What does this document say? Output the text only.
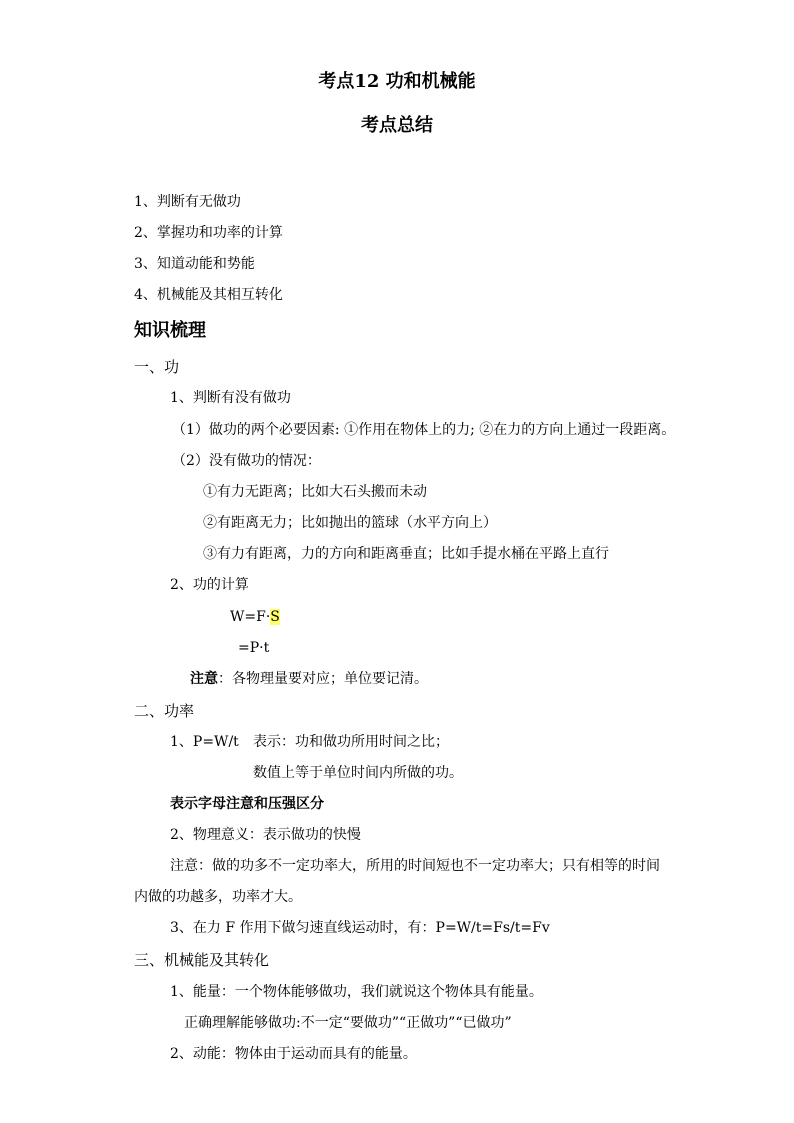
考点12 功和机械能
考点总结
1、判断有无做功
2、掌握功和功率的计算
3、知道动能和势能
4、机械能及其相互转化
知识梳理
一、功
1、判断有没有做功
（1）做功的两个必要因素: ①作用在物体上的力; ②在力的方向上通过一段距离。
（2）没有做功的情况：
①有力无距离；比如大石头搬而未动
②有距离无力；比如抛出的篮球（水平方向上）
③有力有距离，力的方向和距离垂直；比如手提水桶在平路上直行
2、功的计算
W=F·S
=P·t
注意：各物理量要对应；单位要记清。
二、功率
1、P=W/t 表示：功和做功所用时间之比；
数值上等于单位时间内所做的功。
表示字母注意和压强区分
2、物理意义：表示做功的快慢
注意：做的功多不一定功率大，所用的时间短也不一定功率大；只有相等的时间
内做的功越多，功率才大。
3、在力 F 作用下做匀速直线运动时，有：P=W/t=Fs/t=Fv
三、机械能及其转化
1、能量：一个物体能够做功，我们就说这个物体具有能量。
正确理解能够做功:不一定“要做功”“正做功”“已做功”
2、动能：物体由于运动而具有的能量。
